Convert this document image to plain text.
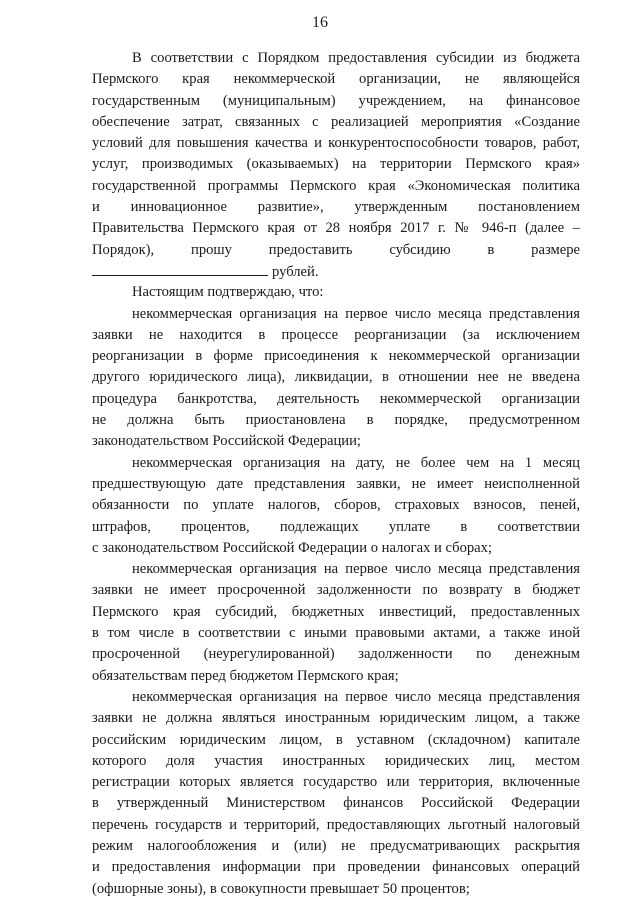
16
В соответствии с Порядком предоставления субсидии из бюджета
Пермского края некоммерческой организации, не являющейся
государственным (муниципальным) учреждением, на финансовое
обеспечение затрат, связанных с реализацией мероприятия «Создание
условий для повышения качества и конкурентоспособности товаров, работ,
услуг, производимых (оказываемых) на территории Пермского края»
государственной программы Пермского края «Экономическая политика
и инновационное развитие», утвержденным постановлением
Правительства Пермского края от 28 ноября 2017 г. № 946-п (далее –
Порядок), прошу предоставить субсидию в размере
рублей.
Настоящим подтверждаю, что:
некоммерческая организация на первое число месяца представления
заявки не находится в процессе реорганизации (за исключением
реорганизации в форме присоединения к некоммерческой организации
другого юридического лица), ликвидации, в отношении нее не введена
процедура банкротства, деятельность некоммерческой организации
не должна быть приостановлена в порядке, предусмотренном
законодательством Российской Федерации;
некоммерческая организация на дату, не более чем на 1 месяц
предшествующую дате представления заявки, не имеет неисполненной
обязанности по уплате налогов, сборов, страховых взносов, пеней,
штрафов, процентов, подлежащих уплате в соответствии
с законодательством Российской Федерации о налогах и сборах;
некоммерческая организация на первое число месяца представления
заявки не имеет просроченной задолженности по возврату в бюджет
Пермского края субсидий, бюджетных инвестиций, предоставленных
в том числе в соответствии с иными правовыми актами, а также иной
просроченной (неурегулированной) задолженности по денежным
обязательствам перед бюджетом Пермского края;
некоммерческая организация на первое число месяца представления
заявки не должна являться иностранным юридическим лицом, а также
российским юридическим лицом, в уставном (складочном) капитале
которого доля участия иностранных юридических лиц, местом
регистрации которых является государство или территория, включенные
в утвержденный Министерством финансов Российской Федерации
перечень государств и территорий, предоставляющих льготный налоговый
режим налогообложения и (или) не предусматривающих раскрытия
и предоставления информации при проведении финансовых операций
(офшорные зоны), в совокупности превышает 50 процентов;
